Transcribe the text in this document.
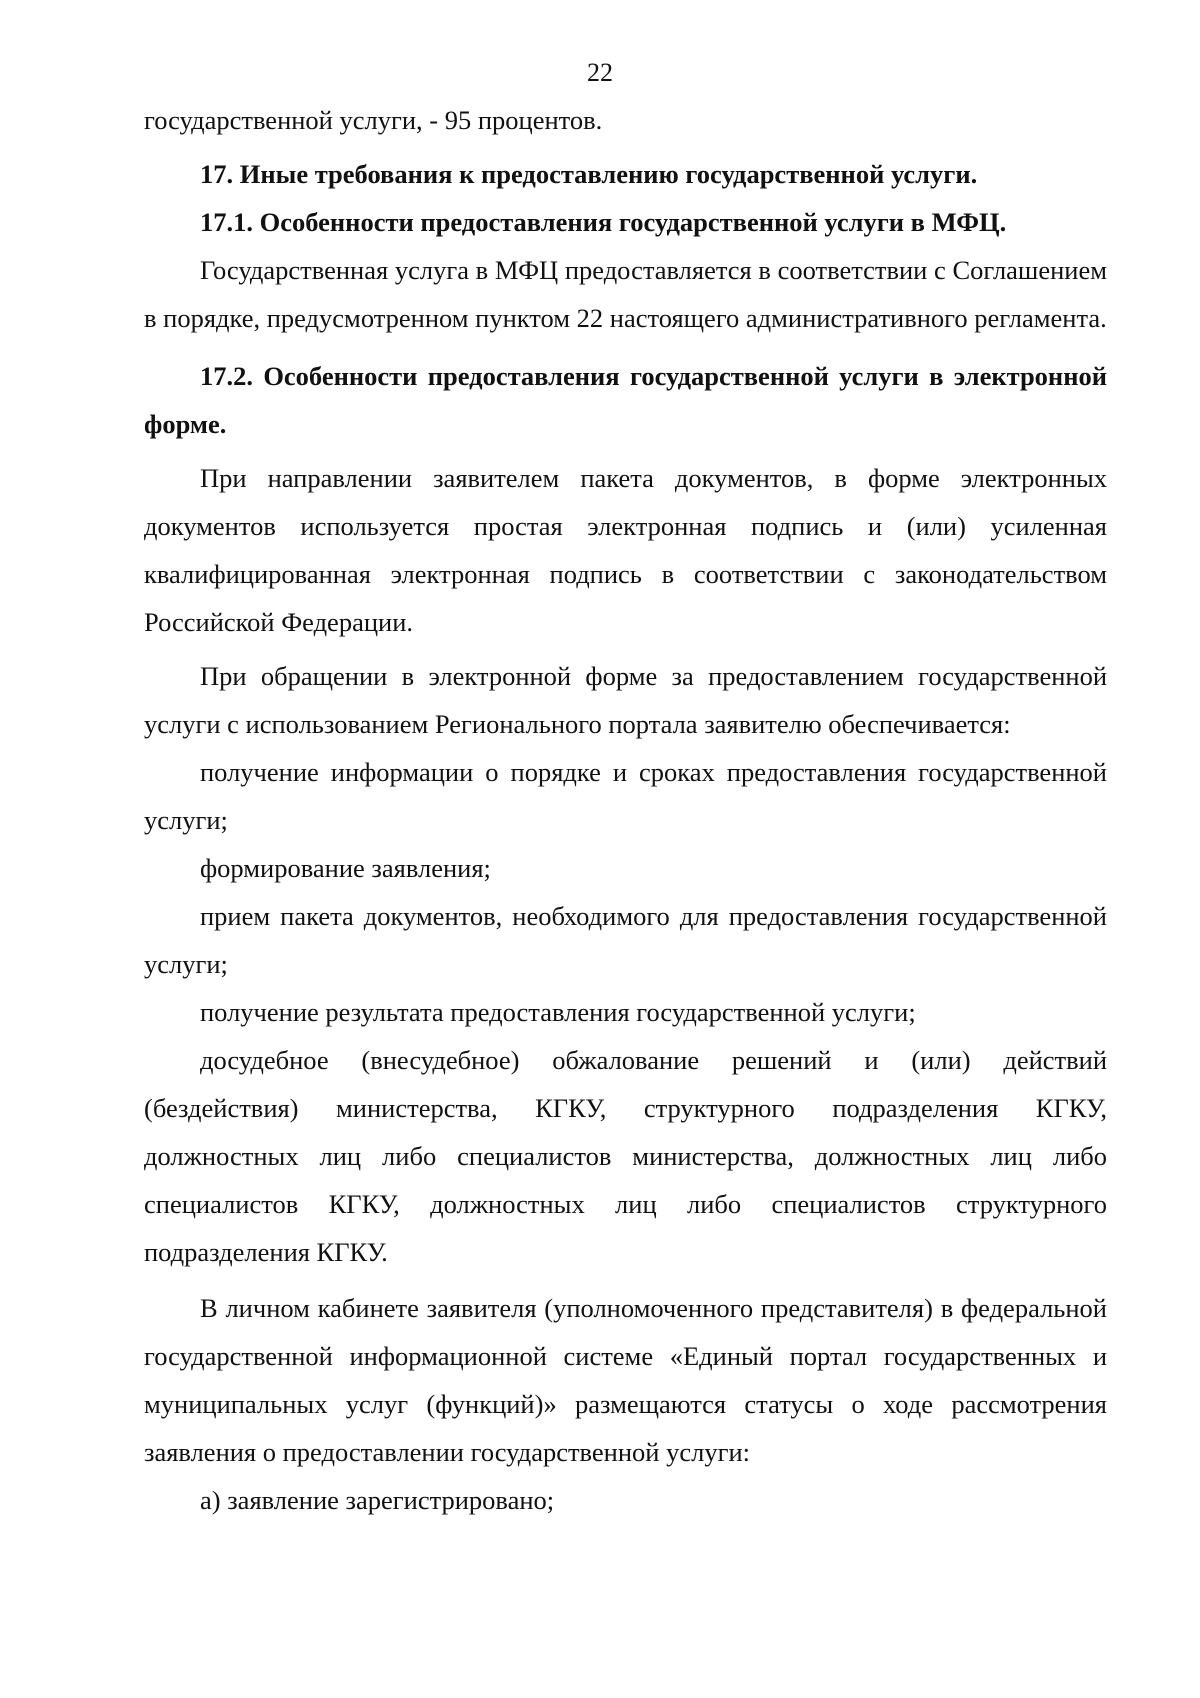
22

государственной услуги, - 95 процентов.

17. Иные требования к предоставлению государственной услуги.

17.1. Особенности предоставления государственной услуги в МФЦ.

Государственная услуга в МФЦ предоставляется в соответствии с Соглашением в порядке, предусмотренном пунктом 22 настоящего административного регламента.

17.2. Особенности предоставления государственной услуги в электронной форме.

При направлении заявителем пакета документов, в форме электронных документов используется простая электронная подпись и (или) усиленная квалифицированная электронная подпись в соответствии с законодательством Российской Федерации.

При обращении в электронной форме за предоставлением государственной услуги с использованием Регионального портала заявителю обеспечивается:

получение информации о порядке и сроках предоставления государственной услуги;

формирование заявления;

прием пакета документов, необходимого для предоставления государственной услуги;

получение результата предоставления государственной услуги;

досудебное (внесудебное) обжалование решений и (или) действий (бездействия) министерства, КГКУ, структурного подразделения КГКУ, должностных лиц либо специалистов министерства, должностных лиц либо специалистов КГКУ, должностных лиц либо специалистов структурного подразделения КГКУ.

В личном кабинете заявителя (уполномоченного представителя) в федеральной государственной информационной системе «Единый портал государственных и муниципальных услуг (функций)» размещаются статусы о ходе рассмотрения заявления о предоставлении государственной услуги:

а) заявление зарегистрировано;
